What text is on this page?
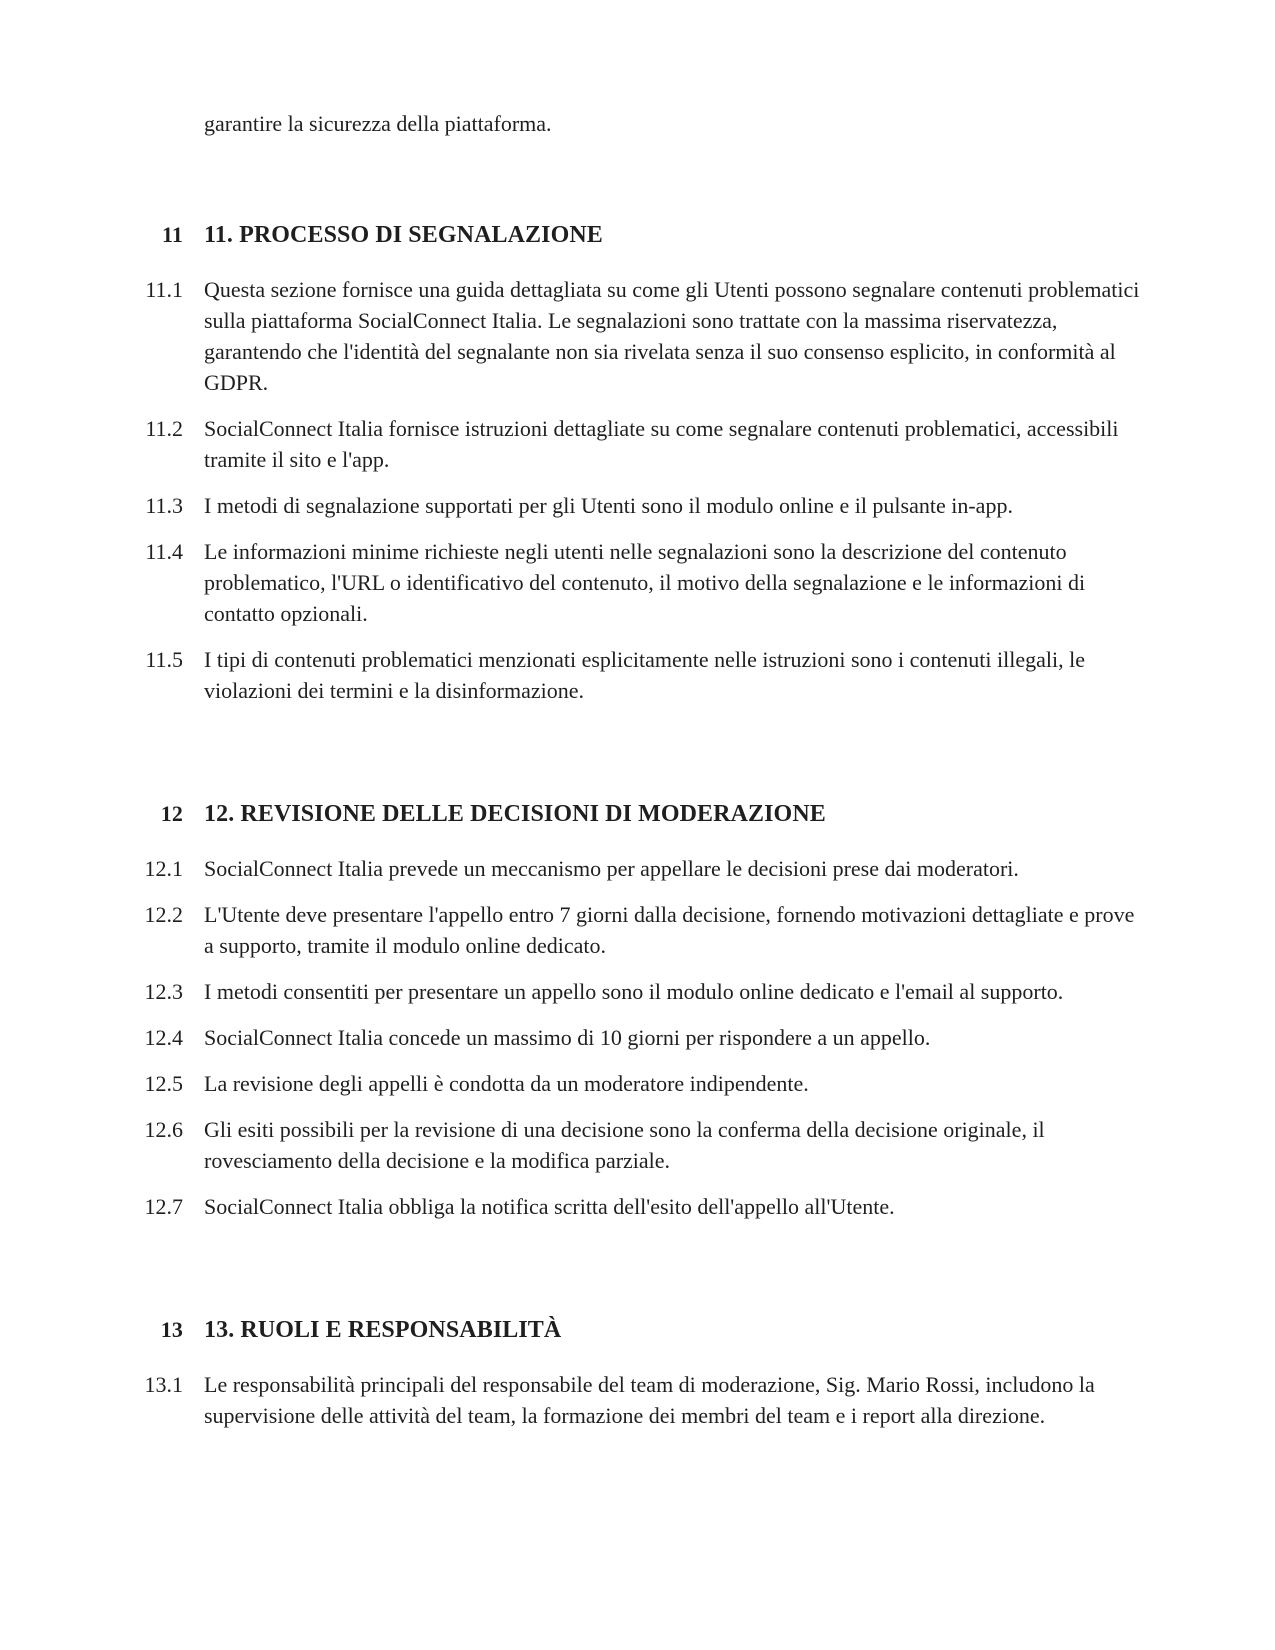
garantire la sicurezza della piattaforma.
11 11. PROCESSO DI SEGNALAZIONE
11.1 Questa sezione fornisce una guida dettagliata su come gli Utenti possono segnalare contenuti problematici sulla piattaforma SocialConnect Italia. Le segnalazioni sono trattate con la massima riservatezza, garantendo che l'identità del segnalante non sia rivelata senza il suo consenso esplicito, in conformità al GDPR.
11.2 SocialConnect Italia fornisce istruzioni dettagliate su come segnalare contenuti problematici, accessibili tramite il sito e l'app.
11.3 I metodi di segnalazione supportati per gli Utenti sono il modulo online e il pulsante in-app.
11.4 Le informazioni minime richieste negli utenti nelle segnalazioni sono la descrizione del contenuto problematico, l'URL o identificativo del contenuto, il motivo della segnalazione e le informazioni di contatto opzionali.
11.5 I tipi di contenuti problematici menzionati esplicitamente nelle istruzioni sono i contenuti illegali, le violazioni dei termini e la disinformazione.
12 12. REVISIONE DELLE DECISIONI DI MODERAZIONE
12.1 SocialConnect Italia prevede un meccanismo per appellare le decisioni prese dai moderatori.
12.2 L'Utente deve presentare l'appello entro 7 giorni dalla decisione, fornendo motivazioni dettagliate e prove a supporto, tramite il modulo online dedicato.
12.3 I metodi consentiti per presentare un appello sono il modulo online dedicato e l'email al supporto.
12.4 SocialConnect Italia concede un massimo di 10 giorni per rispondere a un appello.
12.5 La revisione degli appelli è condotta da un moderatore indipendente.
12.6 Gli esiti possibili per la revisione di una decisione sono la conferma della decisione originale, il rovesciamento della decisione e la modifica parziale.
12.7 SocialConnect Italia obbliga la notifica scritta dell'esito dell'appello all'Utente.
13 13. RUOLI E RESPONSABILITÀ
13.1 Le responsabilità principali del responsabile del team di moderazione, Sig. Mario Rossi, includono la supervisione delle attività del team, la formazione dei membri del team e i report alla direzione.
